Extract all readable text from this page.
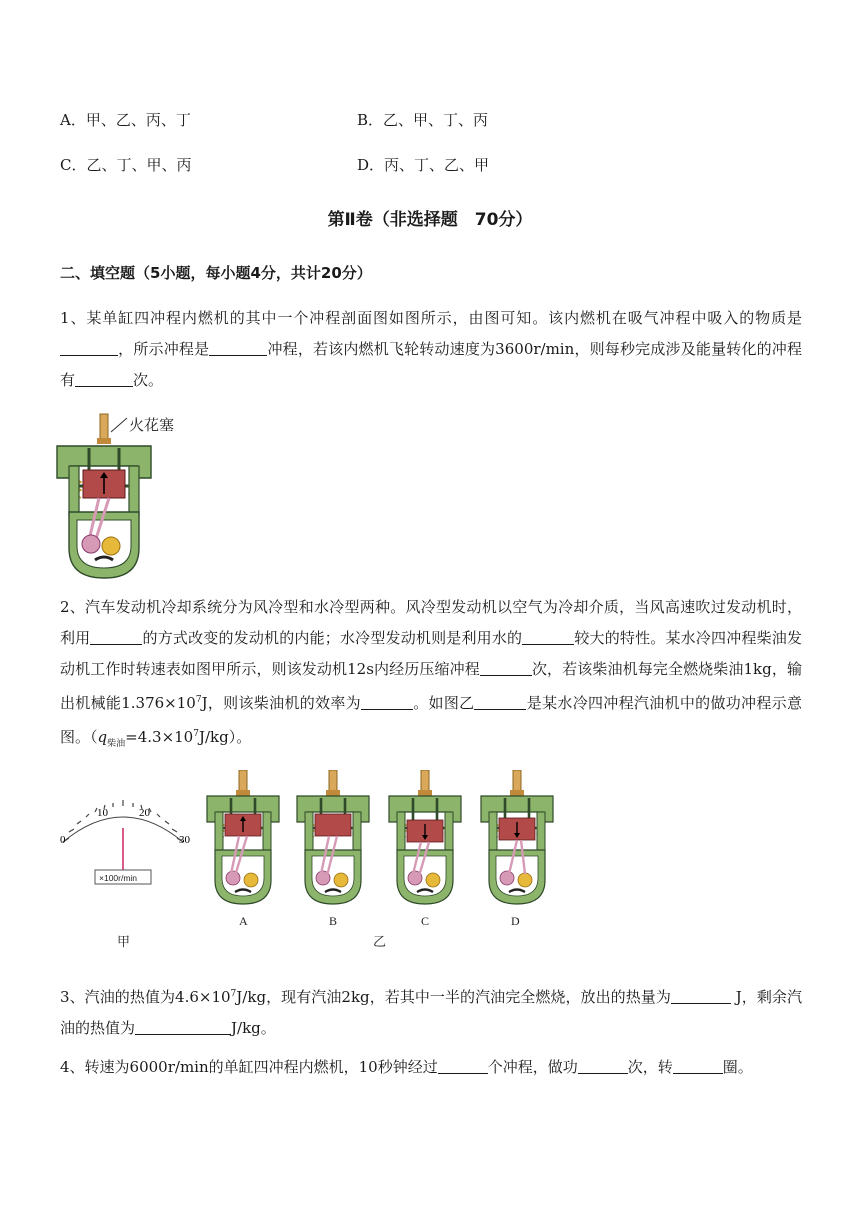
A．甲、乙、丙、丁	B．乙、甲、丁、丙
C．乙、丁、甲、丙	D．丙、丁、乙、甲
第Ⅱ卷（非选择题　70分）
二、填空题（5小题，每小题4分，共计20分）
1、某单缸四冲程内燃机的其中一个冲程剖面图如图所示，由图可知。该内燃机在吸气冲程中吸入的物质是，所示冲程是	冲程，若该内燃机飞轮转动速度为3600r/min，则每秒完成涉及能量转化的冲程有	次。
火花塞
2、汽车发动机冷却系统分为风冷型和水冷型两种。风冷型发动机以空气为冷却介质，当风高速吹过发动机时，利用	的方式改变的发动机的内能；水冷型发动机则是利用水的	较大的特性。某水冷四冲程柴油发动机工作时转速表如图甲所示，则该发动机12s内经历压缩冲程	次，若该柴油机每完全燃烧柴油1kg，输出机械能$1.376\times 10^7J$，则该柴油机的效率为	。如图乙	是某水冷四冲程汽油机中的做功冲程示意图。$(q_{柴油}=4.3\times 10^7J/kg)$。
0
10	20
30
×100r/min
甲
A	B	C	D
乙
3、汽油的热值为$4.6\times 10^7J/kg$，现有汽油2kg，若其中一半的汽油完全燃烧，放出的热量为	J，剩余汽油的热值为	J/kg。
4、转速为6000r/min的单缸四冲程内燃机，10秒钟经过	个冲程，做功	次，转	圈。
